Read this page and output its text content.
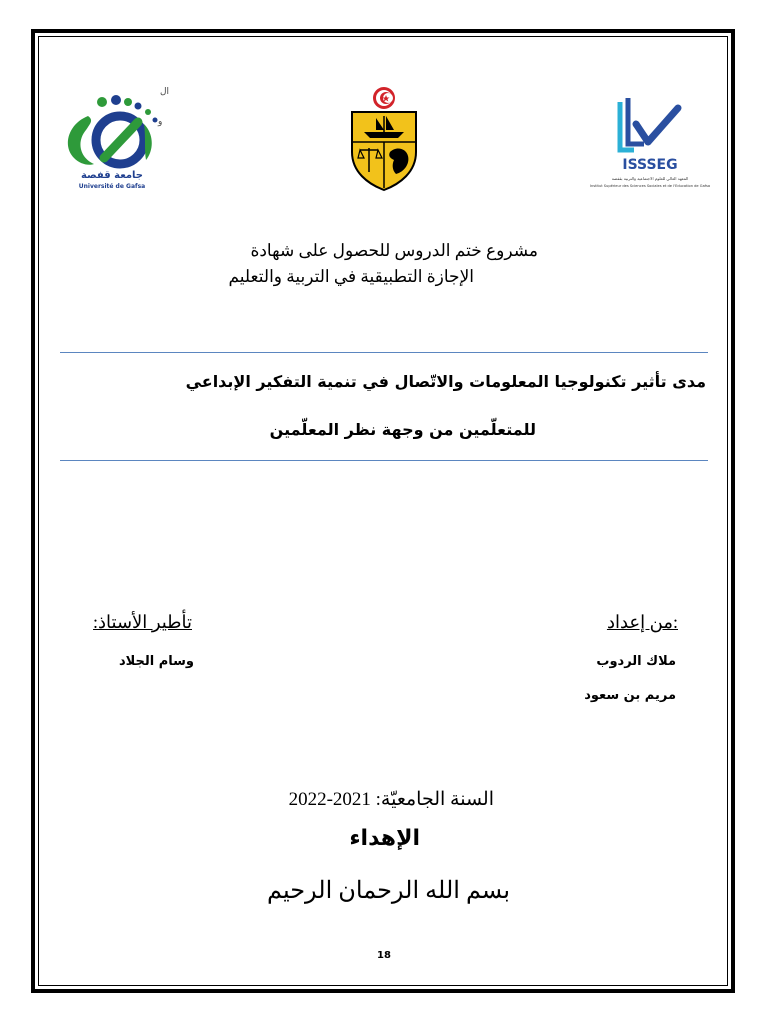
جامعة قفصة
Université de Gafsa
ال
و
ISSSEG
المعهد العالي للعلوم الاجتماعية والتربية بقفصة
Institut Supérieur des Sciences Sociales et de l'Education de Gafsa
مشروع ختم الدروس للحصول على شهادة
الإجازة التطبيقية في التربية والتعليم
مدى تأثير تكنولوجيا المعلومات والاتّصال في تنمية التفكير الإبداعي
للمتعلّمين من وجهة نظر المعلّمين
:من إعداد
ملاك الردوب
مريم بن سعود
تأطير الأستاذ:
وسام الجلاد
السنة الجامعيّة: 2021-2022
الإهداء
بسم الله الرحمان الرحيم
18
